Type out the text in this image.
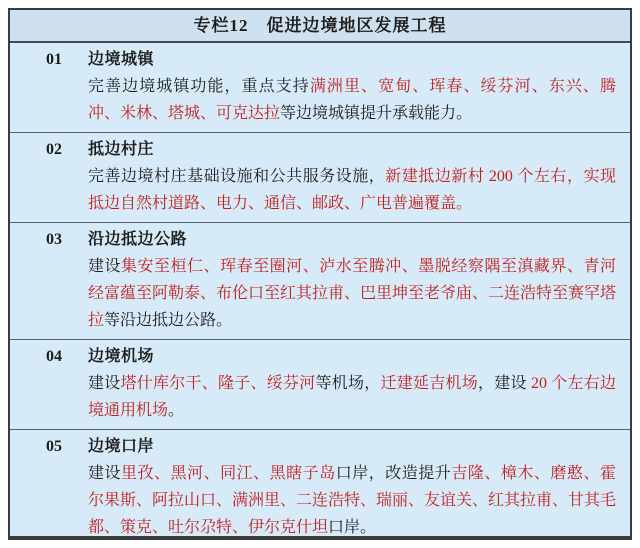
专栏12　促进边境地区发展工程
01	边境城镇
完善边境城镇功能，重点支持满洲里、宽甸、珲春、绥芬河、东兴、腾冲、米林、塔城、可克达拉等边境城镇提升承载能力。
02	抵边村庄
完善边境村庄基础设施和公共服务设施，新建抵边新村 200 个左右，实现抵边自然村道路、电力、通信、邮政、广电普遍覆盖。
03	沿边抵边公路
建设集安至桓仁、珲春至圈河、泸水至腾冲、墨脱经察隅至滇藏界、青河经富蕴至阿勒泰、布伦口至红其拉甫、巴里坤至老爷庙、二连浩特至赛罕塔拉等沿边抵边公路。
04	边境机场
建设塔什库尔干、隆子、绥芬河等机场，迁建延吉机场，建设 20 个左右边境通用机场。
05	边境口岸
建设里孜、黑河、同江、黑瞎子岛口岸，改造提升吉隆、樟木、磨憨、霍尔果斯、阿拉山口、满洲里、二连浩特、瑞丽、友谊关、红其拉甫、甘其毛都、策克、吐尔尕特、伊尔克什坦口岸。
